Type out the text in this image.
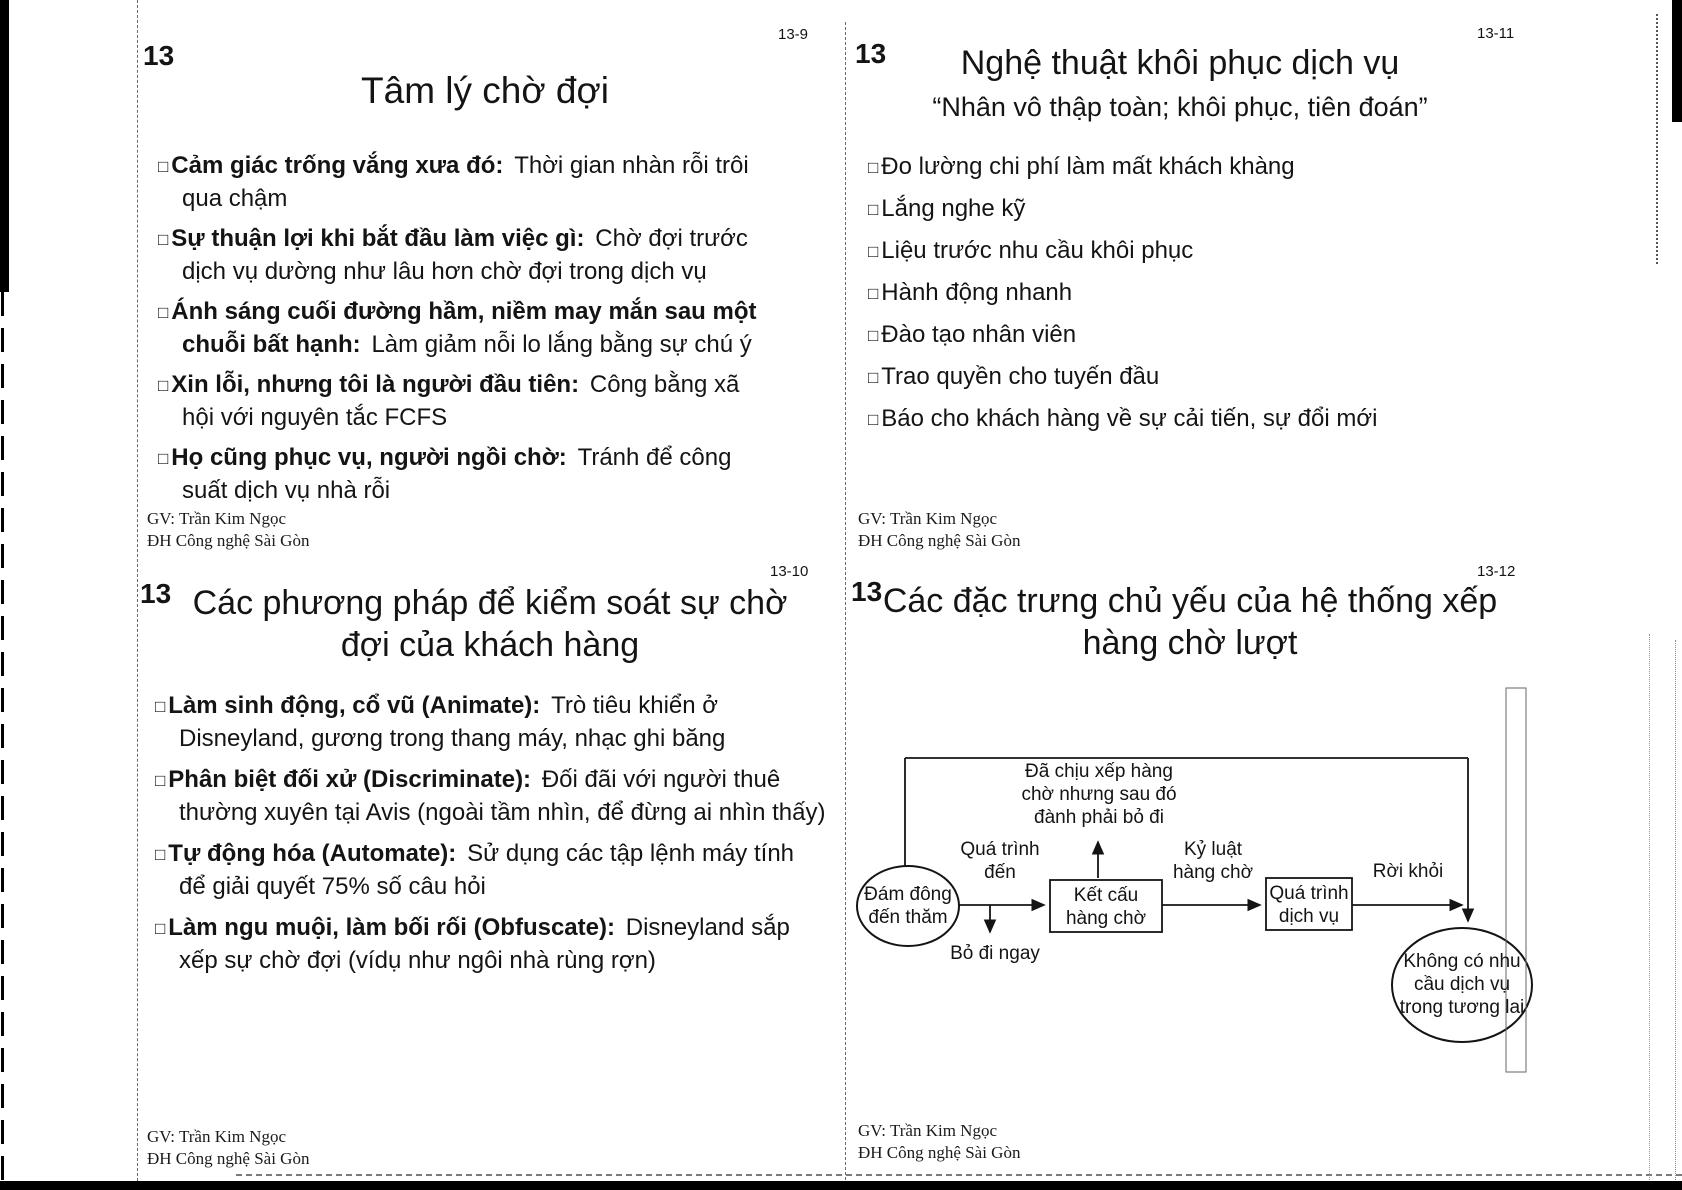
13
13-9
Tâm lý chờ đợi
□ Cảm giác trống vắng xưa đó: Thời gian nhàn rỗi trôi qua chậm
□ Sự thuận lợi khi bắt đầu làm việc gì: Chờ đợi trước dịch vụ dường như lâu hơn chờ đợi trong dịch vụ
□ Ánh sáng cuối đường hầm, niềm may mắn sau một chuỗi bất hạnh: Làm giảm nỗi lo lắng bằng sự chú ý
□ Xin lỗi, nhưng tôi là người đầu tiên: Công bằng xã hội với nguyên tắc FCFS
□ Họ cũng phục vụ, người ngồi chờ: Tránh để công suất dịch vụ nhà rỗi
GV: Trần Kim Ngọc
ĐH Công nghệ Sài Gòn
13
13-11
Nghệ thuật khôi phục dịch vụ
“Nhân vô thập toàn; khôi phục, tiên đoán”
□ Đo lường chi phí làm mất khách khàng
□ Lắng nghe kỹ
□ Liệu trước nhu cầu khôi phục
□ Hành động nhanh
□ Đào tạo nhân viên
□ Trao quyền cho tuyến đầu
□ Báo cho khách hàng về sự cải tiến, sự đổi mới
GV: Trần Kim Ngọc
ĐH Công nghệ Sài Gòn
13-10
13 Các phương pháp để kiểm soát sự chờ đợi của khách hàng
□ Làm sinh động, cổ vũ (Animate): Trò tiêu khiển ở Disneyland, gương trong thang máy, nhạc ghi băng
□ Phân biệt đối xử (Discriminate): Đối đãi với người thuê thường xuyên tại Avis (ngoài tầm nhìn, để đừng ai nhìn thấy)
□ Tự động hóa (Automate): Sử dụng các tập lệnh máy tính để giải quyết 75% số câu hỏi
□ Làm ngu muội, làm bối rối (Obfuscate): Disneyland sắp xếp sự chờ đợi (vídụ như ngôi nhà rùng rợn)
GV: Trần Kim Ngọc
ĐH Công nghệ Sài Gòn
13-12
13 Các đặc trưng chủ yếu của hệ thống xếp hàng chờ lượt
Đám đông đến thăm
Quá trình đến
Bỏ đi ngay
Đã chịu xếp hàng chờ nhưng sau đó đành phải bỏ đi
Kết cấu hàng chờ
Kỷ luật hàng chờ
Quá trình dịch vụ
Rời khỏi
Không có nhu cầu dịch vụ trong tương lai
GV: Trần Kim Ngọc
ĐH Công nghệ Sài Gòn
